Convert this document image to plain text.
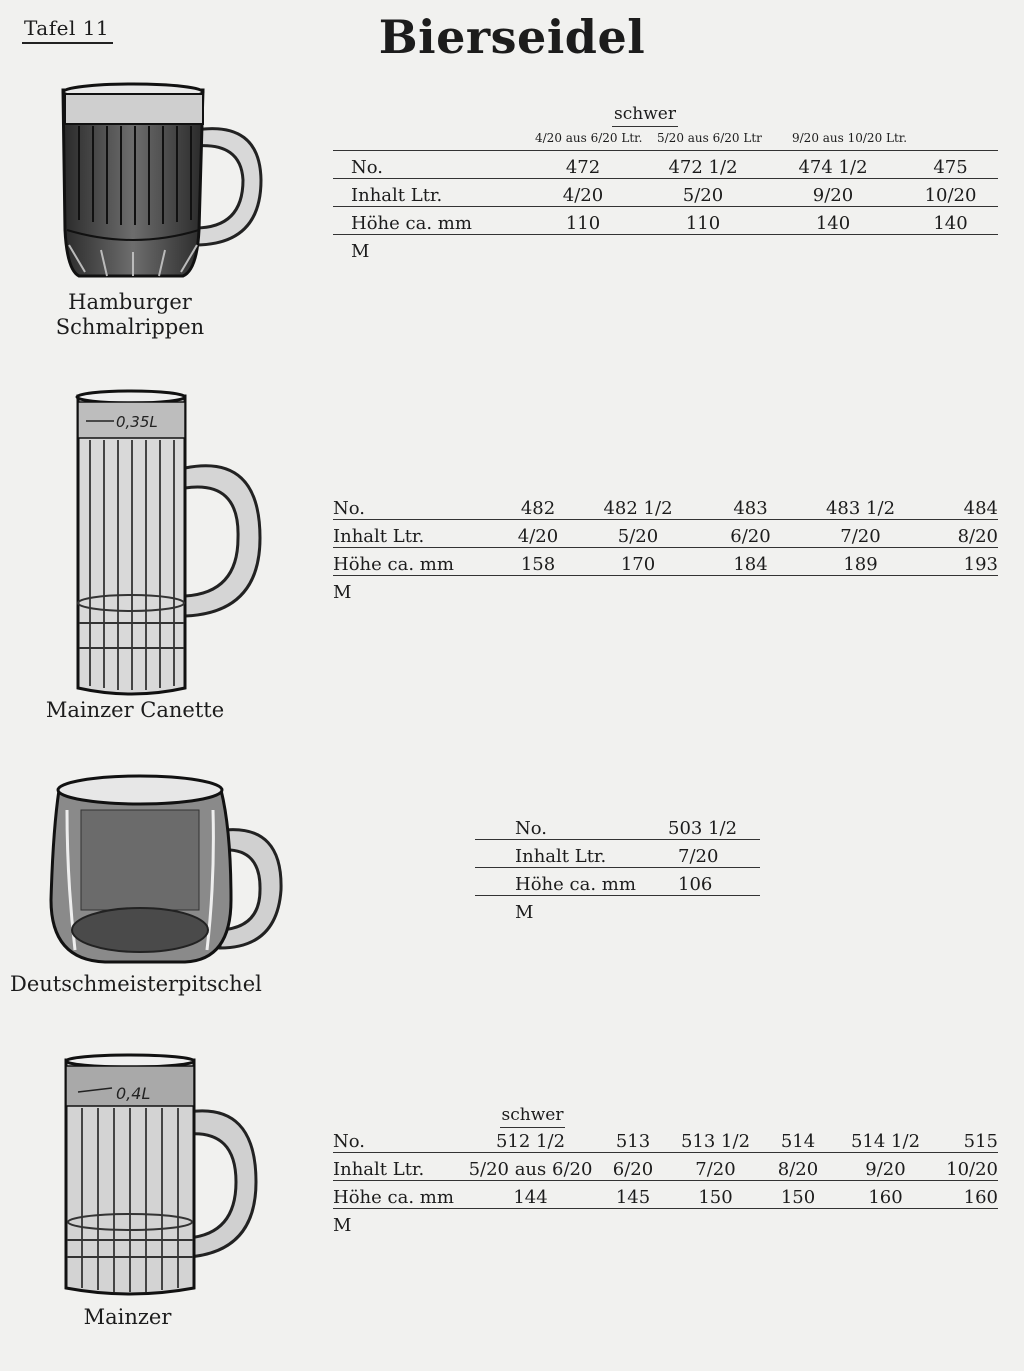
Tafel 11	Bierseidel
Hamburger
Schmalrippen
schwer
4/20 aus 6/20 Ltr. 5/20 aus 6/20 Ltr	9/20 aus 10/20 Ltr.
No.	472	472 1/2	474 1/2	475
Inhalt Ltr.	4/20	5/20	9/20	10/20
Höhe ca. mm	110	110	140	140
M				
0,35L
Mainzer Canette
No.	482	482 1/2	483	483 1/2	484
Inhalt Ltr.	4/20	5/20	6/20	7/20	8/20
Höhe ca. mm	158	170	184	189	193
M					
Deutschmeisterpitschel
No.	503 1/2
Inhalt Ltr.	7/20
Höhe ca. mm	106
M	
0,4L
Mainzer
schwer
No.	512 1/2	513	513 1/2	514	514 1/2	515
Inhalt Ltr.	5/20 aus 6/20	6/20	7/20	8/20	9/20	10/20
Höhe ca. mm	144	145	150	150	160	160
M						
